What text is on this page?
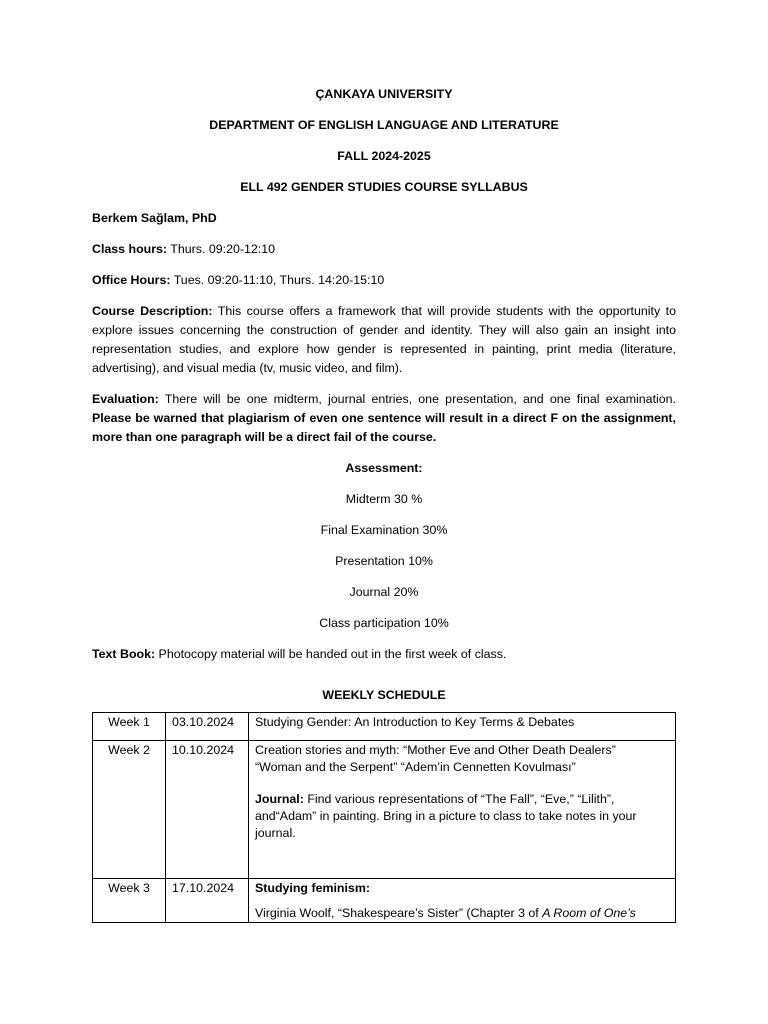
ÇANKAYA UNIVERSITY
DEPARTMENT OF ENGLISH LANGUAGE AND LITERATURE
FALL 2024-2025
ELL 492 GENDER STUDIES COURSE SYLLABUS

Berkem Sağlam, PhD

Class hours: Thurs. 09:20-12:10

Office Hours: Tues. 09:20-11:10, Thurs. 14:20-15:10

Course Description: This course offers a framework that will provide students with the opportunity to explore issues concerning the construction of gender and identity. They will also gain an insight into representation studies, and explore how gender is represented in painting, print media (literature, advertising), and visual media (tv, music video, and film).

Evaluation: There will be one midterm, journal entries, one presentation, and one final examination. Please be warned that plagiarism of even one sentence will result in a direct F on the assignment, more than one paragraph will be a direct fail of the course.

Assessment:

Midterm 30 %

Final Examination 30%

Presentation 10%

Journal 20%

Class participation 10%

Text Book: Photocopy material will be handed out in the first week of class.

WEEKLY SCHEDULE
Week 1	03.10.2024	Studying Gender: An Introduction to Key Terms & Debates
Week 2	10.10.2024	Creation stories and myth: “Mother Eve and Other Death Dealers”
“Woman and the Serpent” “Adem’in Cennetten Kovulması”
Journal: Find various representations of “The Fall”, “Eve,” “Lilith”, and“Adam” in painting. Bring in a picture to class to take notes in your journal.

Week 3	17.10.2024	Studying feminism:
Virginia Woolf, “Shakespeare’s Sister” (Chapter 3 of A Room of One’s
